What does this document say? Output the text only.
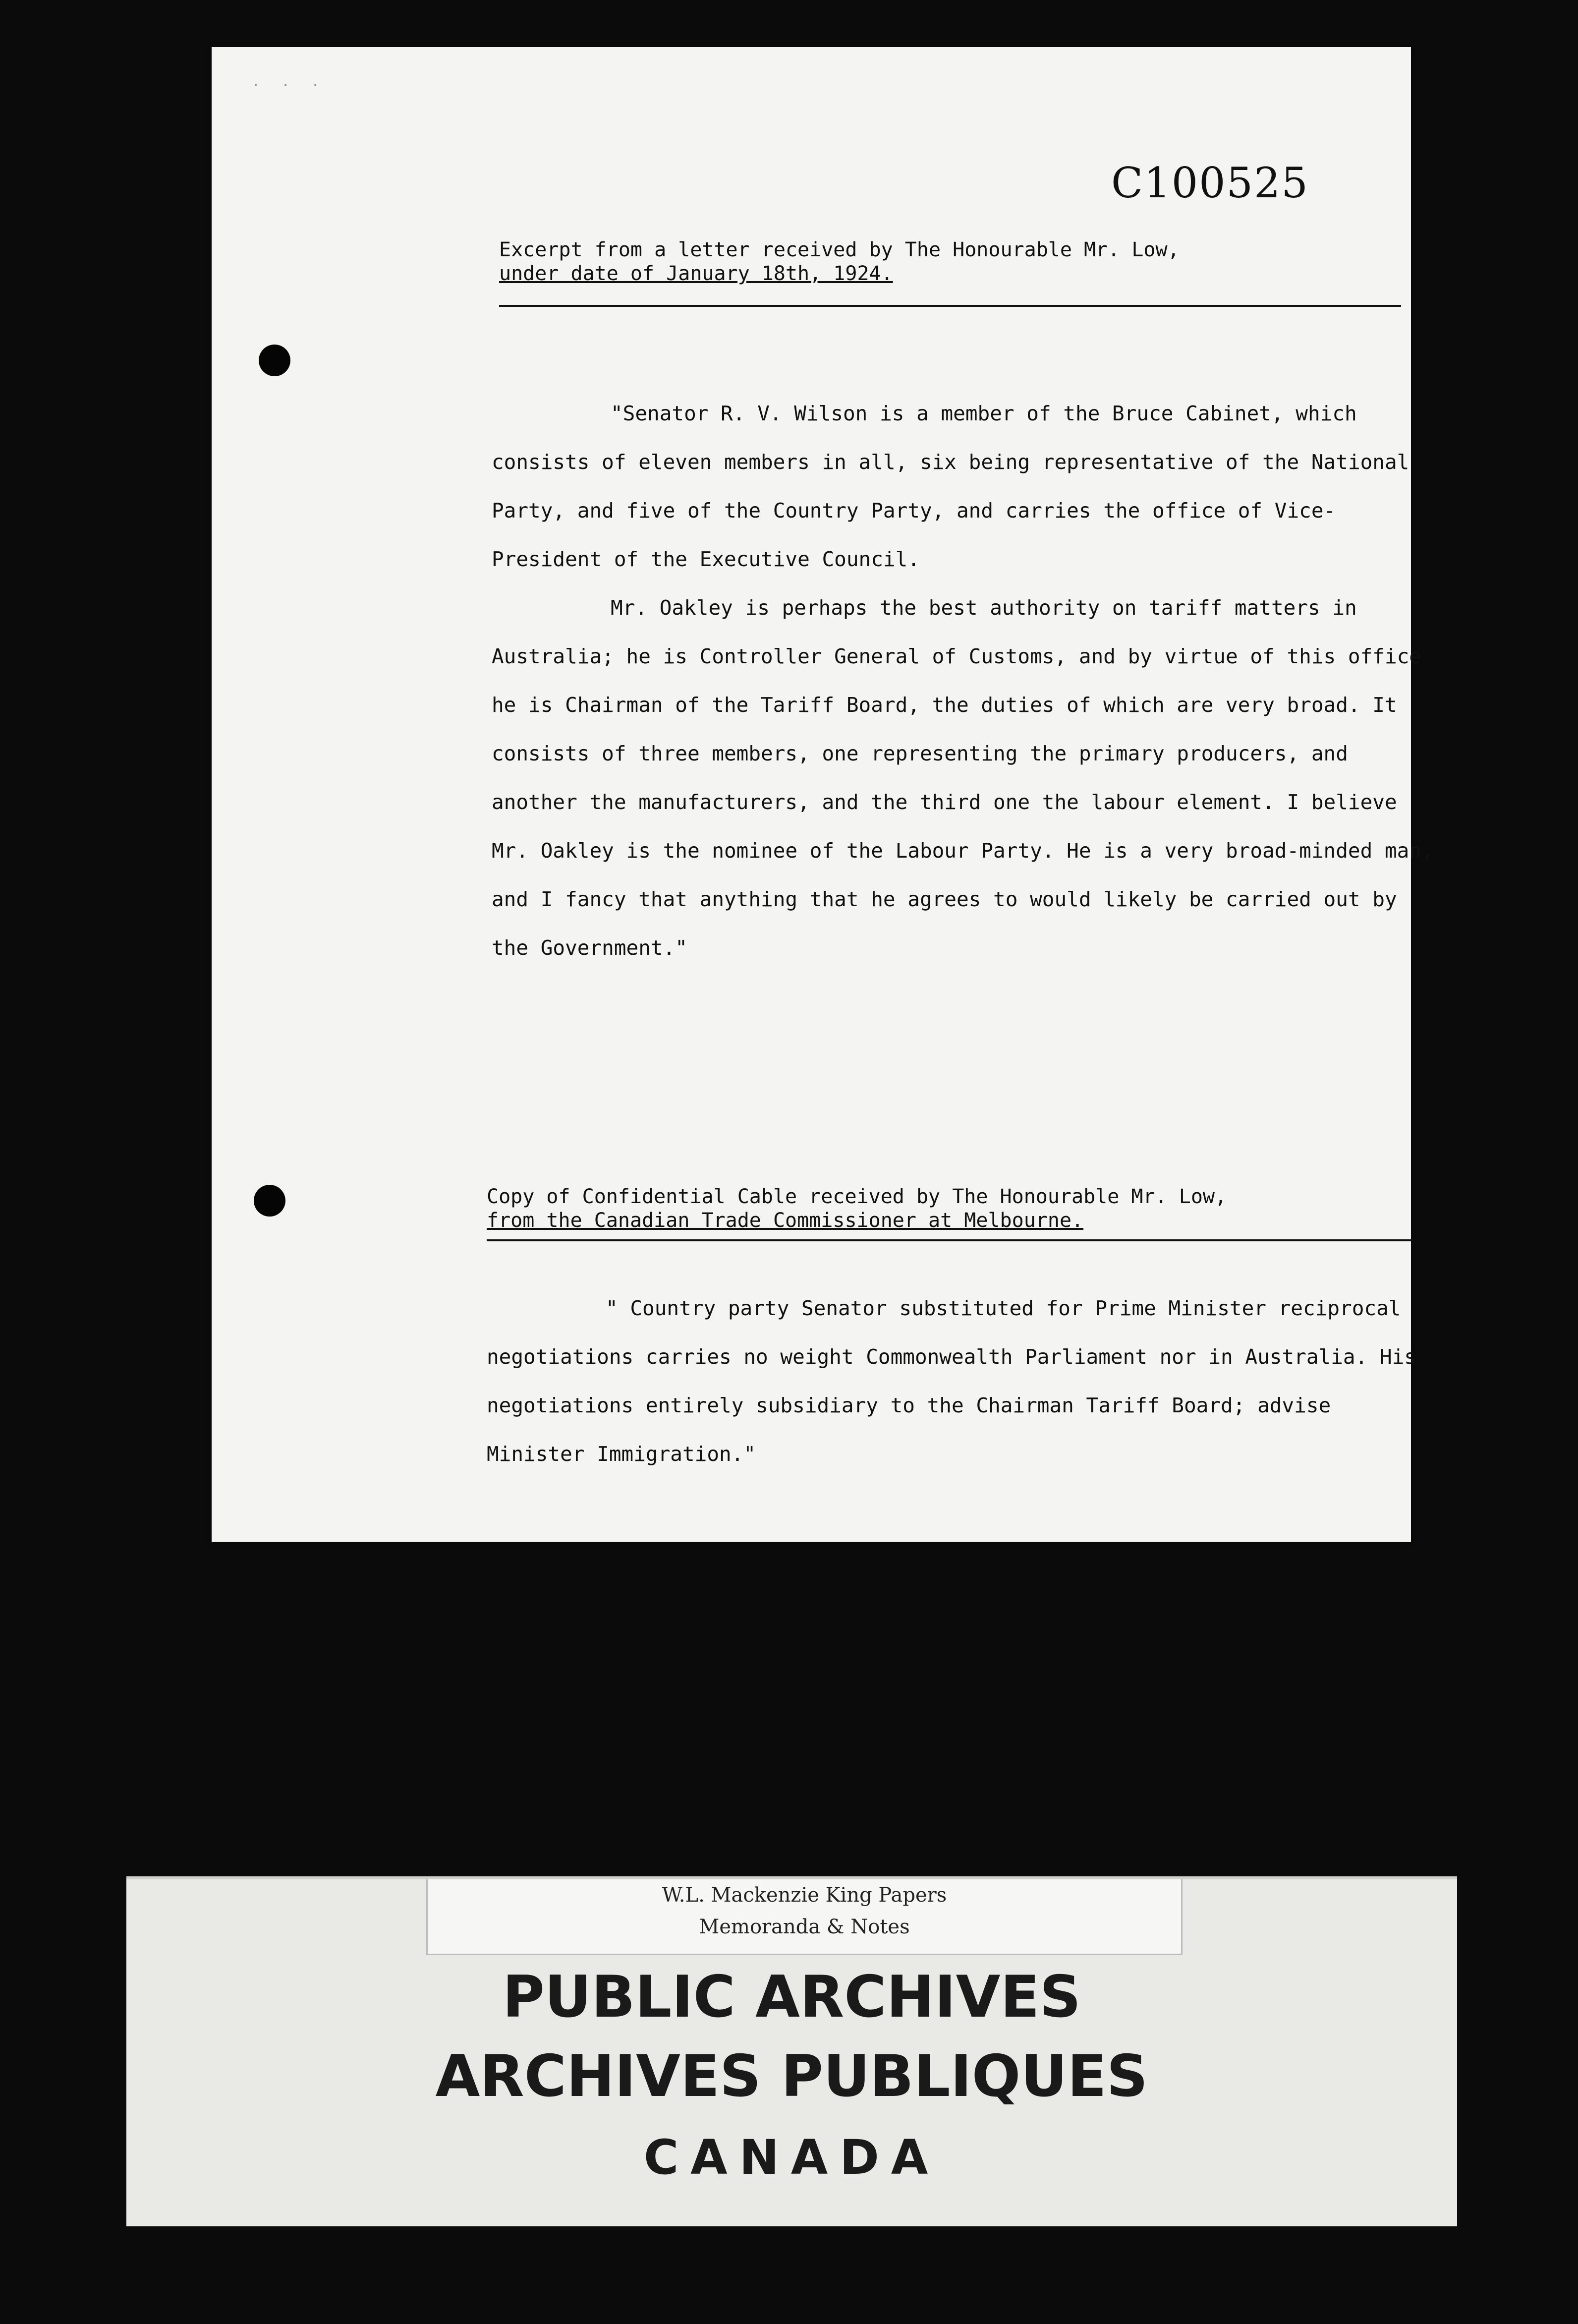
· · ·
C100525
Excerpt from a letter received by The Honourable Mr. Low,
under date of January 18th, 1924.

"Senator R. V. Wilson is a member of the Bruce Cabinet, which consists of eleven members in all, six being representative of the National Party, and five of the Country Party, and carries the office of Vice-President of the Executive Council.

Mr. Oakley is perhaps the best authority on tariff matters in Australia; he is Controller General of Customs, and by virtue of this office he is Chairman of the Tariff Board, the duties of which are very broad. It consists of three members, one representing the primary producers, and another the manufacturers, and the third one the labour element. I believe Mr. Oakley is the nominee of the Labour Party. He is a very broad-minded man, and I fancy that anything that he agrees to would likely be carried out by the Government."

Copy of Confidential Cable received by The Honourable Mr. Low,
from the Canadian Trade Commissioner at Melbourne.

" Country party Senator substituted for Prime Minister reciprocal negotiations carries no weight Commonwealth Parliament nor in Australia. His negotiations entirely subsidiary to the Chairman Tariff Board; advise Minister Immigration."

W.L. Mackenzie King Papers
Memoranda & Notes
PUBLIC ARCHIVES
ARCHIVES PUBLIQUES
CANADA
